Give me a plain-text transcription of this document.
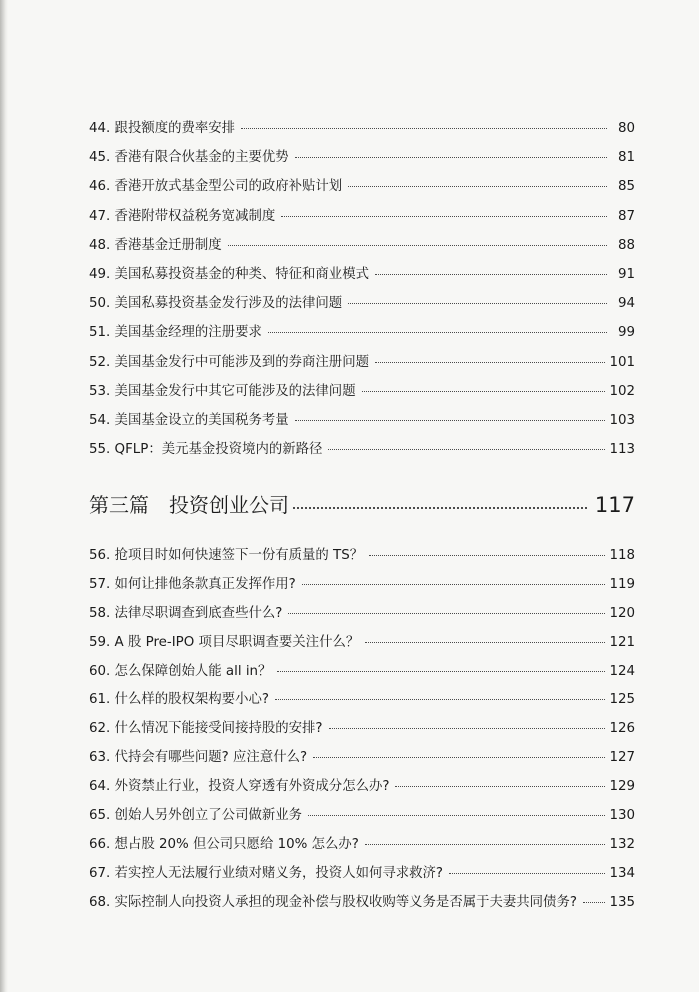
44. 跟投额度的费率安排	80
45. 香港有限合伙基金的主要优势	81
46. 香港开放式基金型公司的政府补贴计划	85
47. 香港附带权益税务宽减制度	87
48. 香港基金迁册制度	88
49. 美国私募投资基金的种类、特征和商业模式	91
50. 美国私募投资基金发行涉及的法律问题	94
51. 美国基金经理的注册要求	99
52. 美国基金发行中可能涉及到的券商注册问题	101
53. 美国基金发行中其它可能涉及的法律问题	102
54. 美国基金设立的美国税务考量	103
55. QFLP：美元基金投资境内的新路径	113
第三篇 投资创业公司	117
56. 抢项目时如何快速签下一份有质量的 TS？	118
57. 如何让排他条款真正发挥作用?	119
58. 法律尽职调查到底查些什么?	120
59. A 股 Pre-IPO 项目尽职调查要关注什么？	121
60. 怎么保障创始人能 all in？	124
61. 什么样的股权架构要小心?	125
62. 什么情况下能接受间接持股的安排?	126
63. 代持会有哪些问题? 应注意什么?	127
64. 外资禁止行业，投资人穿透有外资成分怎么办?	129
65. 创始人另外创立了公司做新业务	130
66. 想占股 20% 但公司只愿给 10% 怎么办?	132
67. 若实控人无法履行业绩对赌义务，投资人如何寻求救济?	134
68. 实际控制人向投资人承担的现金补偿与股权收购等义务是否属于夫妻共同债务? 135
